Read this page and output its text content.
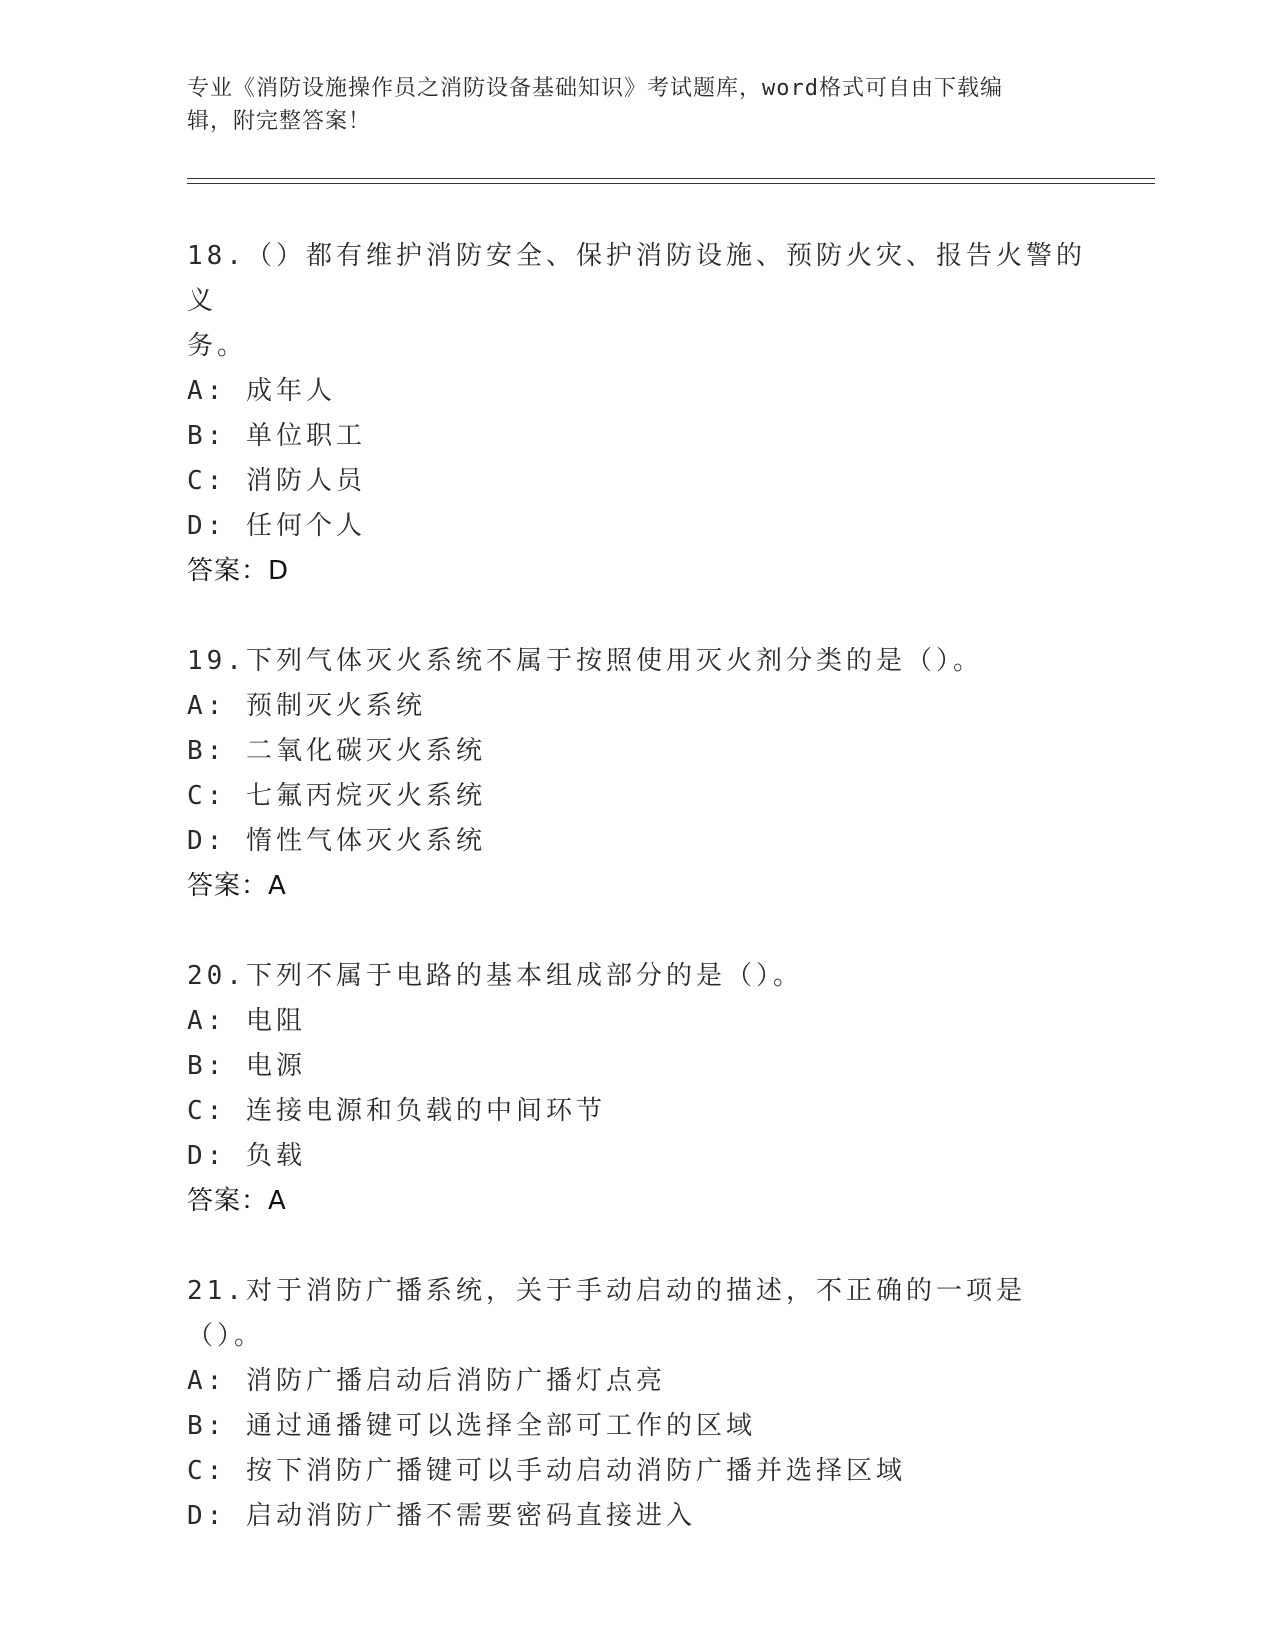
专业《消防设施操作员之消防设备基础知识》考试题库，word格式可自由下载编
辑，附完整答案！

18.（）都有维护消防安全、保护消防设施、预防火灾、报告火警的义
务。

A: 成年人

B: 单位职工

C: 消防人员

D: 任何个人

答案：D

19.下列气体灭火系统不属于按照使用灭火剂分类的是（）。

A: 预制灭火系统

B: 二氧化碳灭火系统

C: 七氟丙烷灭火系统

D: 惰性气体灭火系统

答案：A

20.下列不属于电路的基本组成部分的是（）。

A: 电阻

B: 电源

C: 连接电源和负载的中间环节

D: 负载

答案：A

21.对于消防广播系统，关于手动启动的描述，不正确的一项是（）。

A: 消防广播启动后消防广播灯点亮

B: 通过通播键可以选择全部可工作的区域

C: 按下消防广播键可以手动启动消防广播并选择区域

D: 启动消防广播不需要密码直接进入
